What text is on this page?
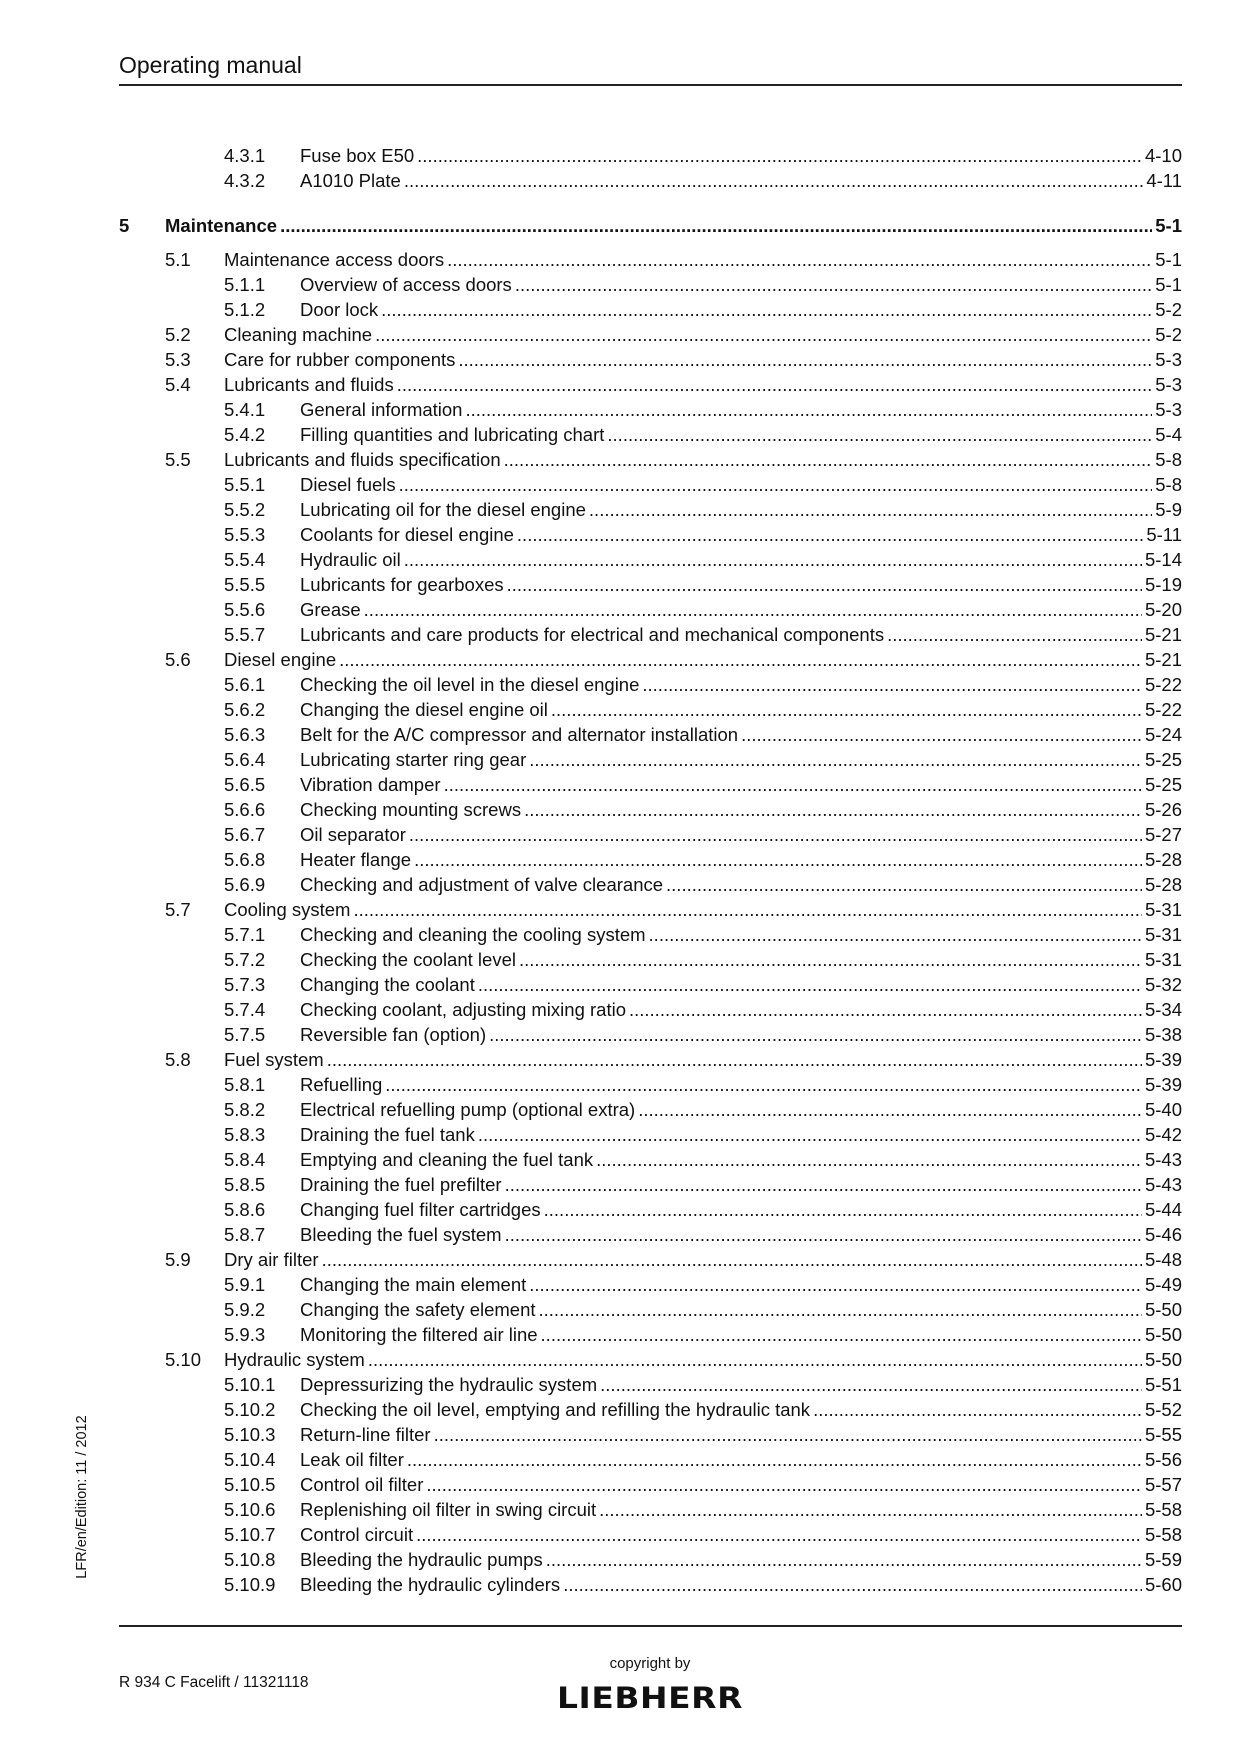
Operating manual
4.3.1 Fuse box E50 .....	4-10
4.3.2 A1010 Plate .....	4-11
5 Maintenance .....	5-1
5.1 Maintenance access doors .....	5-1
5.1.1 Overview of access doors .....	5-1
5.1.2 Door lock .....	5-2
5.2 Cleaning machine .....	5-2
5.3 Care for rubber components .....	5-3
5.4 Lubricants and fluids .....	5-3
5.4.1 General information .....	5-3
5.4.2 Filling quantities and lubricating chart .....	5-4
5.5 Lubricants and fluids specification .....	5-8
5.5.1 Diesel fuels .....	5-8
5.5.2 Lubricating oil for the diesel engine .....	5-9
5.5.3 Coolants for diesel engine .....	5-11
5.5.4 Hydraulic oil .....	5-14
5.5.5 Lubricants for gearboxes .....	5-19
5.5.6 Grease .....	5-20
5.5.7 Lubricants and care products for electrical and mechanical components .....	5-21
5.6 Diesel engine .....	5-21
5.6.1 Checking the oil level in the diesel engine .....	5-22
5.6.2 Changing the diesel engine oil .....	5-22
5.6.3 Belt for the A/C compressor and alternator installation .....	5-24
5.6.4 Lubricating starter ring gear .....	5-25
5.6.5 Vibration damper .....	5-25
5.6.6 Checking mounting screws .....	5-26
5.6.7 Oil separator .....	5-27
5.6.8 Heater flange .....	5-28
5.6.9 Checking and adjustment of valve clearance .....	5-28
5.7 Cooling system .....	5-31
5.7.1 Checking and cleaning the cooling system .....	5-31
5.7.2 Checking the coolant level .....	5-31
5.7.3 Changing the coolant .....	5-32
5.7.4 Checking coolant, adjusting mixing ratio .....	5-34
5.7.5 Reversible fan (option) .....	5-38
5.8 Fuel system .....	5-39
5.8.1 Refuelling .....	5-39
5.8.2 Electrical refuelling pump (optional extra) .....	5-40
5.8.3 Draining the fuel tank .....	5-42
5.8.4 Emptying and cleaning the fuel tank .....	5-43
5.8.5 Draining the fuel prefilter .....	5-43
5.8.6 Changing fuel filter cartridges .....	5-44
5.8.7 Bleeding the fuel system .....	5-46
5.9 Dry air filter .....	5-48
5.9.1 Changing the main element .....	5-49
5.9.2 Changing the safety element .....	5-50
5.9.3 Monitoring the filtered air line .....	5-50
5.10 Hydraulic system .....	5-50
5.10.1 Depressurizing the hydraulic system .....	5-51
5.10.2 Checking the oil level, emptying and refilling the hydraulic tank .....	5-52
5.10.3 Return-line filter .....	5-55
5.10.4 Leak oil filter .....	5-56
5.10.5 Control oil filter .....	5-57
5.10.6 Replenishing oil filter in swing circuit .....	5-58
5.10.7 Control circuit .....	5-58
5.10.8 Bleeding the hydraulic pumps .....	5-59
5.10.9 Bleeding the hydraulic cylinders .....	5-60
LFR/en/Edition: 11 / 2012
R 934 C Facelift / 11321118
copyright by
LIEBHERR
